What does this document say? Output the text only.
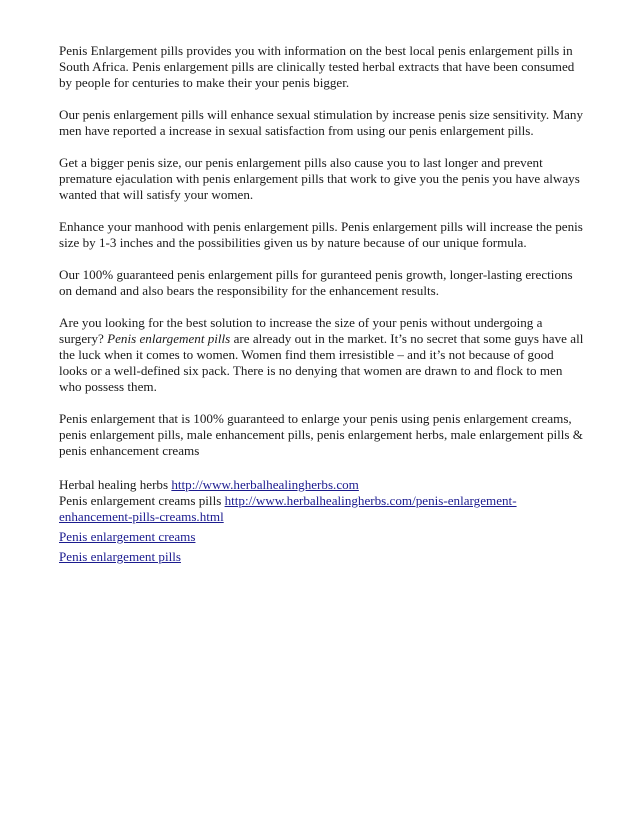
Penis Enlargement pills provides you with information on the best local penis enlargement pills in South Africa. Penis enlargement pills are clinically tested herbal extracts that have been consumed by people for centuries to make their your penis bigger.

Our penis enlargement pills will enhance sexual stimulation by increase penis size sensitivity. Many men have reported a increase in sexual satisfaction from using our penis enlargement pills.

Get a bigger penis size, our penis enlargement pills also cause you to last longer and prevent premature ejaculation with penis enlargement pills that work to give you the penis you have always wanted that will satisfy your women.

Enhance your manhood with penis enlargement pills. Penis enlargement pills will increase the penis size by 1-3 inches and the possibilities given us by nature because of our unique formula.

Our 100% guaranteed penis enlargement pills for guranteed penis growth, longer-lasting erections on demand and also bears the responsibility for the enhancement results.

Are you looking for the best solution to increase the size of your penis without undergoing a surgery? Penis enlargement pills are already out in the market. It’s no secret that some guys have all the luck when it comes to women. Women find them irresistible – and it’s not because of good looks or a well-defined six pack. There is no denying that women are drawn to and flock to men who possess them.

Penis enlargement that is 100% guaranteed to enlarge your penis using penis enlargement creams, penis enlargement pills, male enhancement pills, penis enlargement herbs, male enlargement pills & penis enhancement creams

Herbal healing herbs http://www.herbalhealingherbs.com
Penis enlargement creams pills http://www.herbalhealingherbs.com/penis-enlargement-enhancement-pills-creams.html

Penis enlargement creams

Penis enlargement pills
